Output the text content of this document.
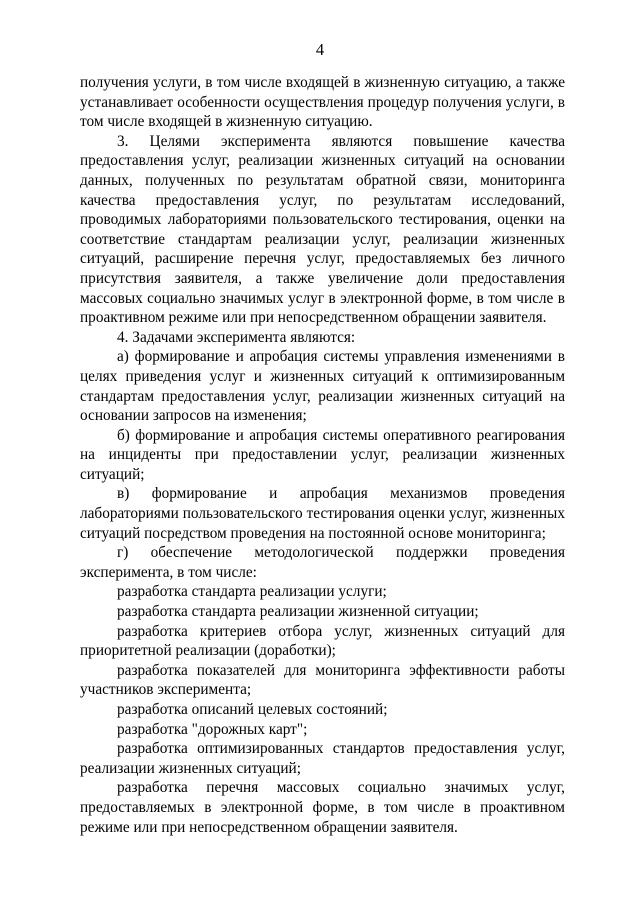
4

получения услуги, в том числе входящей в жизненную ситуацию, а также устанавливает особенности осуществления процедур получения услуги, в том числе входящей в жизненную ситуацию.

3. Целями эксперимента являются повышение качества предоставления услуг, реализации жизненных ситуаций на основании данных, полученных по результатам обратной связи, мониторинга качества предоставления услуг, по результатам исследований, проводимых лабораториями пользовательского тестирования, оценки на соответствие стандартам реализации услуг, реализации жизненных ситуаций, расширение перечня услуг, предоставляемых без личного присутствия заявителя, а также увеличение доли предоставления массовых социально значимых услуг в электронной форме, в том числе в проактивном режиме или при непосредственном обращении заявителя.

4. Задачами эксперимента являются:

а) формирование и апробация системы управления изменениями в целях приведения услуг и жизненных ситуаций к оптимизированным стандартам предоставления услуг, реализации жизненных ситуаций на основании запросов на изменения;

б) формирование и апробация системы оперативного реагирования на инциденты при предоставлении услуг, реализации жизненных ситуаций;

в) формирование и апробация механизмов проведения лабораториями пользовательского тестирования оценки услуг, жизненных ситуаций посредством проведения на постоянной основе мониторинга;

г) обеспечение методологической поддержки проведения эксперимента, в том числе:

разработка стандарта реализации услуги;

разработка стандарта реализации жизненной ситуации;

разработка критериев отбора услуг, жизненных ситуаций для приоритетной реализации (доработки);

разработка показателей для мониторинга эффективности работы участников эксперимента;

разработка описаний целевых состояний;

разработка "дорожных карт";

разработка оптимизированных стандартов предоставления услуг, реализации жизненных ситуаций;

разработка перечня массовых социально значимых услуг, предоставляемых в электронной форме, в том числе в проактивном режиме или при непосредственном обращении заявителя.
